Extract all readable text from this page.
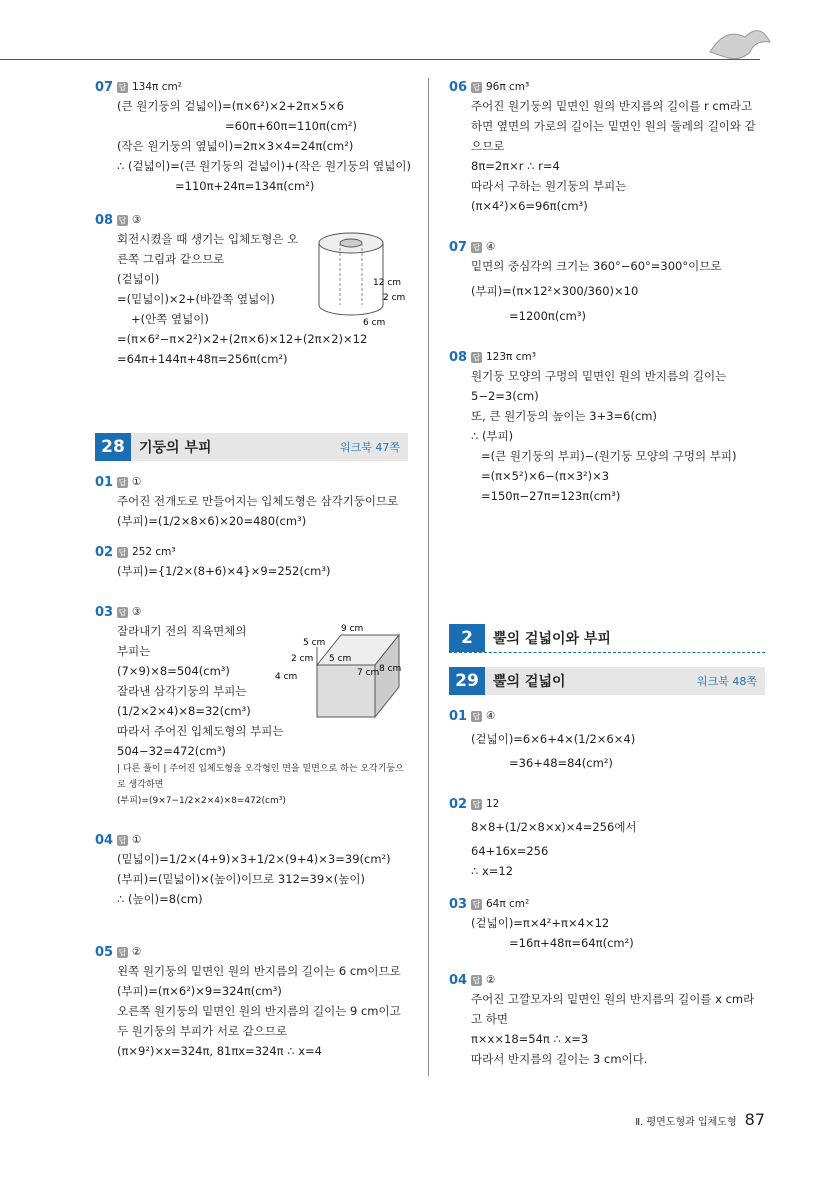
07 답 134π cm²
(큰 원기둥의 겉넓이)=(π×6²)×2+2π×5×6
=60π+60π=110π(cm²)
(작은 원기둥의 옆넓이)=2π×3×4=24π(cm²)
∴ (겉넓이)=(큰 원기둥의 겉넓이)+(작은 원기둥의 옆넓이)
=110π+24π=134π(cm²)
08 답 ③
회전시켰을 때 생기는 입체도형은 오
른쪽 그림과 같으므로
(겉넓이)
=(밑넓이)×2+(바깥쪽 옆넓이)
+(안쪽 옆넓이)
=(π×6²−π×2²)×2+(2π×6)×12+(2π×2)×12
=64π+144π+48π=256π(cm²)
12 cm
2 cm
6 cm
28	기둥의 부피	워크북 47쪽
01 답 ①
주어진 전개도로 만들어지는 입체도형은 삼각기둥이므로
(부피)=(1/2×8×6)×20=480(cm³)
02 답 252 cm³
(부피)={1/2×(8+6)×4}×9=252(cm³)
03 답 ③
잘라내기 전의 직육면체의
부피는
(7×9)×8=504(cm³)
잘라낸 삼각기둥의 부피는
(1/2×2×4)×8=32(cm³)
따라서 주어진 입체도형의 부피는
504−32=472(cm³)
| 다른 풀이 | 주어진 입체도형을 오각형인 면을 밑면으로 하는 오각기둥으
로 생각하면
(부피)=(9×7−1/2×2×4)×8=472(cm³)
9 cm
5 cm
2 cm 5 cm
7 cm 8 cm
4 cm
04 답 ①
(밑넓이)=1/2×(4+9)×3+1/2×(9+4)×3=39(cm²)
(부피)=(밑넓이)×(높이)이므로 312=39×(높이)
∴ (높이)=8(cm)
05 답 ②
왼쪽 원기둥의 밑면인 원의 반지름의 길이는 6 cm이므로
(부피)=(π×6²)×9=324π(cm³)
오른쪽 원기둥의 밑면인 원의 반지름의 길이는 9 cm이고
두 원기둥의 부피가 서로 같으므로
(π×9²)×x=324π, 81πx=324π ∴ x=4
06 답 96π cm³
주어진 원기둥의 밑면인 원의 반지름의 길이를 r cm라고
하면 옆면의 가로의 길이는 밑면인 원의 둘레의 길이와 같
으므로
8π=2π×r ∴ r=4
따라서 구하는 원기둥의 부피는
(π×4²)×6=96π(cm³)
07 답 ④
밑면의 중심각의 크기는 360°−60°=300°이므로
(부피)=(π×12²×300/360)×10
=1200π(cm³)
08 답 123π cm³
원기둥 모양의 구멍의 밑면인 원의 반지름의 길이는
5−2=3(cm)
또, 큰 원기둥의 높이는 3+3=6(cm)
∴ (부피)
=(큰 원기둥의 부피)−(원기둥 모양의 구멍의 부피)
=(π×5²)×6−(π×3²)×3
=150π−27π=123π(cm³)
2	뿔의 겉넓이와 부피
29	뿔의 겉넓이	워크북 48쪽
01 답 ④
(겉넓이)=6×6+4×(1/2×6×4)
=36+48=84(cm²)
02 답 12
8×8+(1/2×8×x)×4=256에서
64+16x=256
∴ x=12
03 답 64π cm²
(겉넓이)=π×4²+π×4×12
=16π+48π=64π(cm²)
04 답 ②
주어진 고깔모자의 밑면인 원의 반지름의 길이를 x cm라
고 하면
π×x×18=54π ∴ x=3
따라서 반지름의 길이는 3 cm이다.
Ⅱ. 평면도형과 입체도형 87
